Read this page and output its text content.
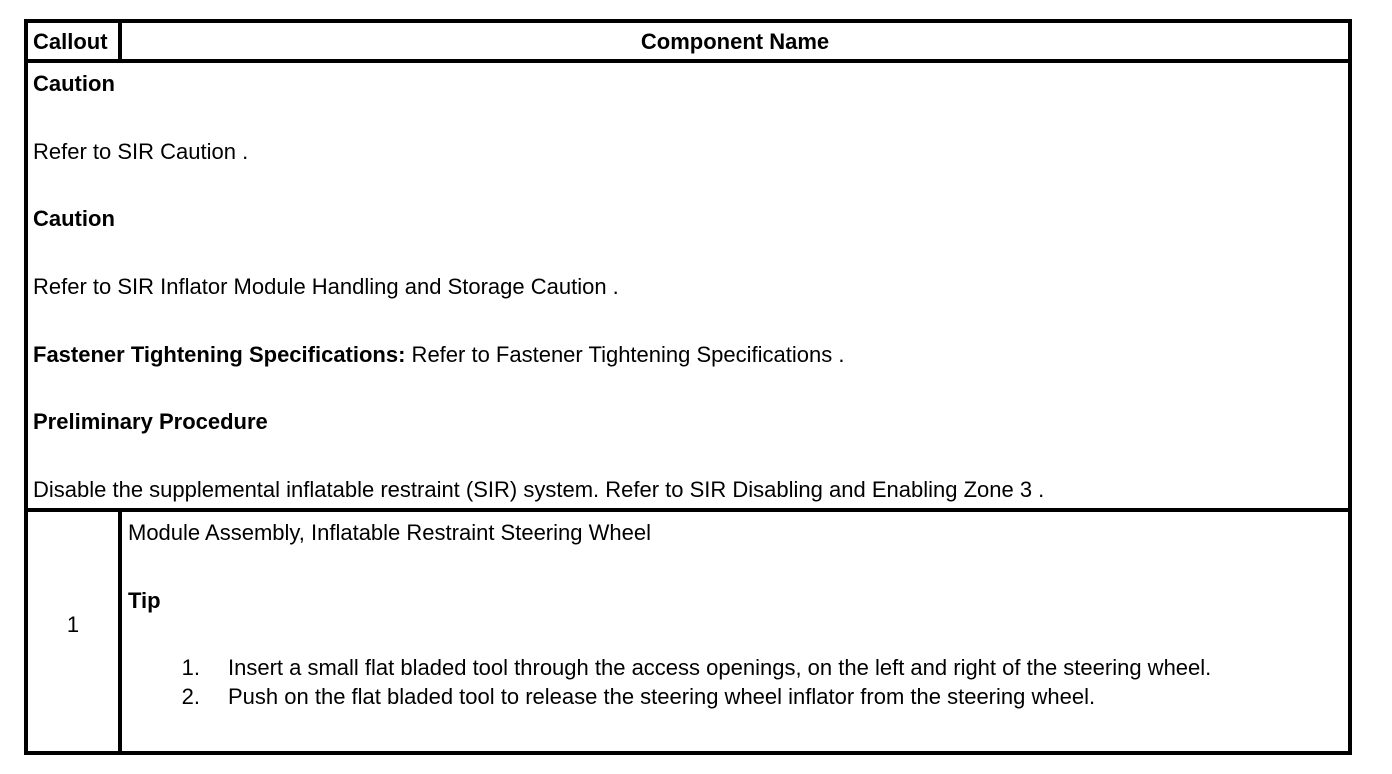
Callout	Component Name
Caution
Refer to SIR Caution .
Caution
Refer to SIR Inflator Module Handling and Storage Caution .
Fastener Tightening Specifications: Refer to Fastener Tightening Specifications .
Preliminary Procedure
Disable the supplemental inflatable restraint (SIR) system. Refer to SIR Disabling and Enabling Zone 3 .
1
Module Assembly, Inflatable Restraint Steering Wheel
Tip
1. Insert a small flat bladed tool through the access openings, on the left and right of the steering wheel.
2. Push on the flat bladed tool to release the steering wheel inflator from the steering wheel.
